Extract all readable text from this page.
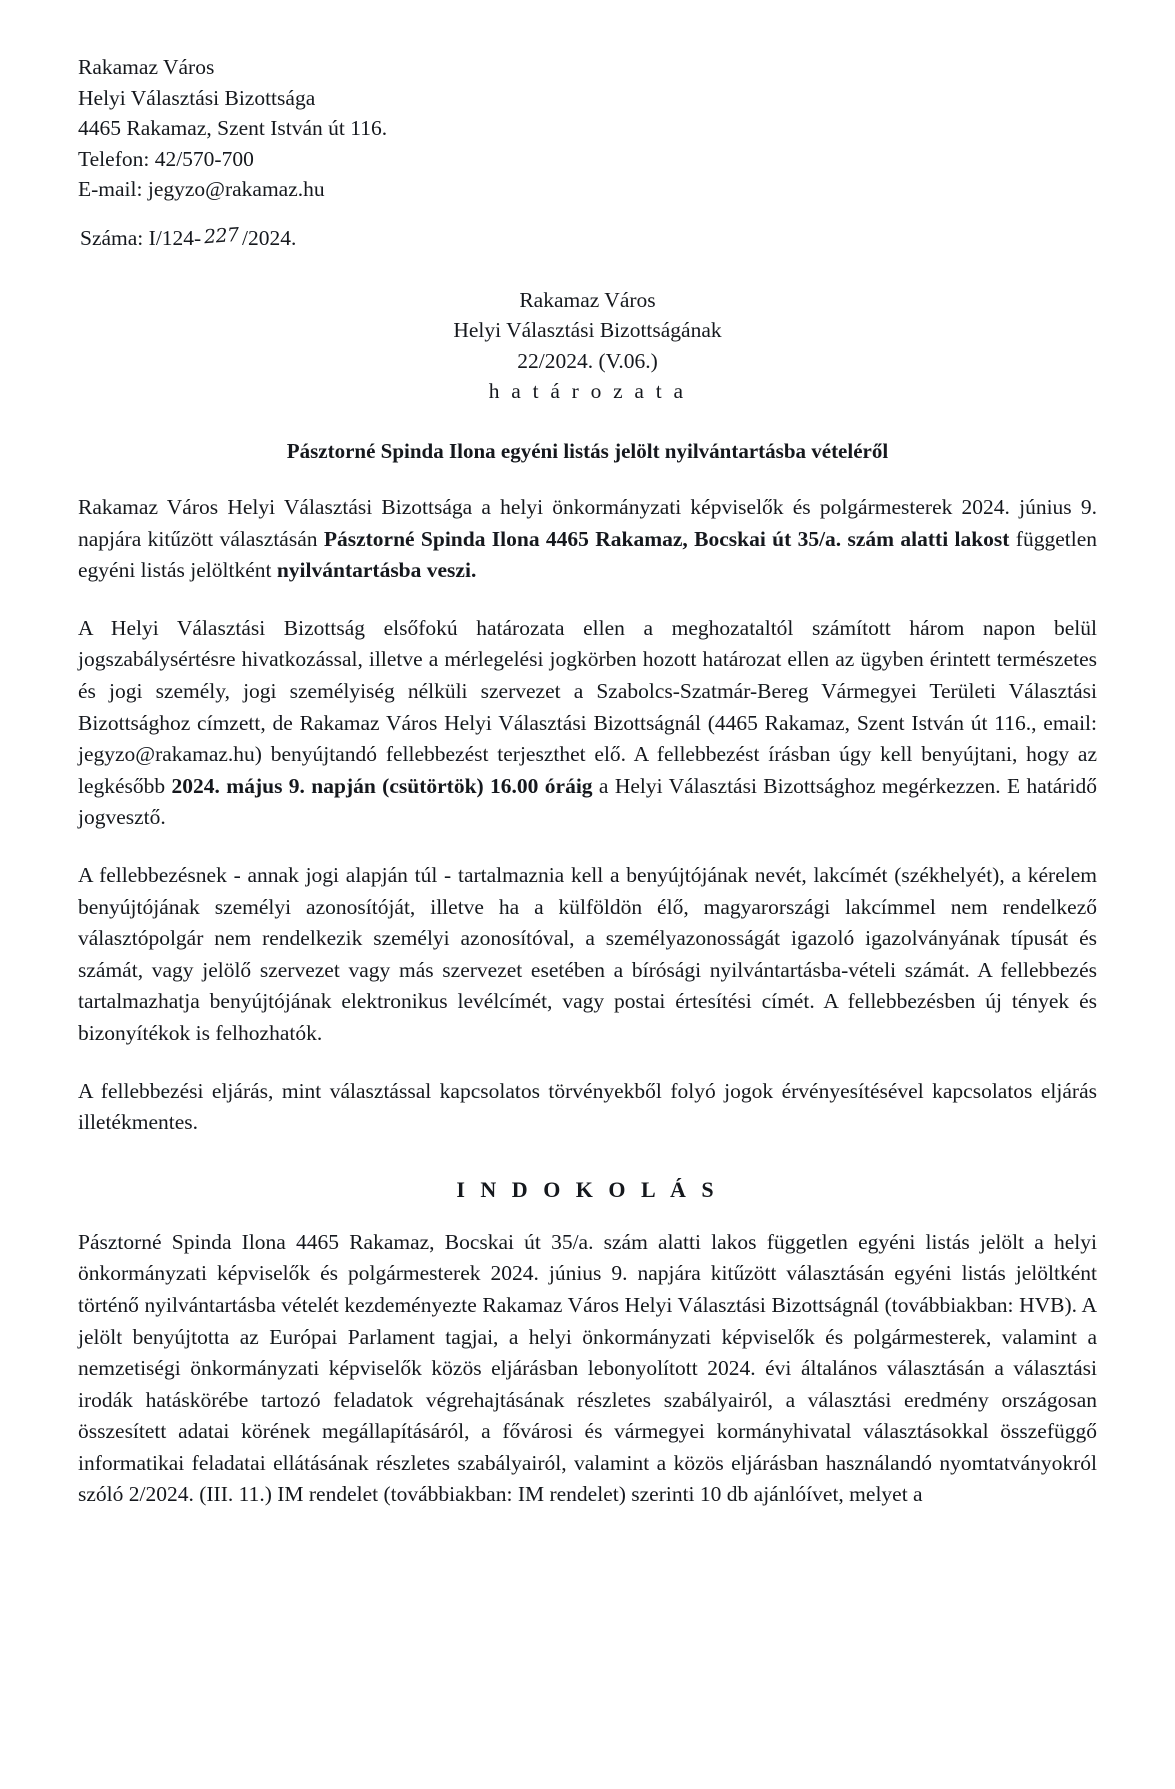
Rakamaz Város
Helyi Választási Bizottsága
4465 Rakamaz, Szent István út 116.
Telefon: 42/570-700
E-mail: jegyzo@rakamaz.hu
Száma: I/124- 227 /2024.
Rakamaz Város
Helyi Választási Bizottságának
22/2024. (V.06.)
h a t á r o z a t a
Pásztorné Spinda Ilona egyéni listás jelölt nyilvántartásba vételéről

Rakamaz Város Helyi Választási Bizottsága a helyi önkormányzati képviselők és polgármesterek 2024. június 9. napjára kitűzött választásán Pásztorné Spinda Ilona 4465 Rakamaz, Bocskai út 35/a. szám alatti lakost független egyéni listás jelöltként nyilvántartásba veszi.

A Helyi Választási Bizottság elsőfokú határozata ellen a meghozataltól számított három napon belül jogszabálysértésre hivatkozással, illetve a mérlegelési jogkörben hozott határozat ellen az ügyben érintett természetes és jogi személy, jogi személyiség nélküli szervezet a Szabolcs-Szatmár-Bereg Vármegyei Területi Választási Bizottsághoz címzett, de Rakamaz Város Helyi Választási Bizottságnál (4465 Rakamaz, Szent István út 116., email: jegyzo@rakamaz.hu) benyújtandó fellebbezést terjeszthet elő. A fellebbezést írásban úgy kell benyújtani, hogy az legkésőbb 2024. május 9. napján (csütörtök) 16.00 óráig a Helyi Választási Bizottsághoz megérkezzen. E határidő jogvesztő.

A fellebbezésnek - annak jogi alapján túl - tartalmaznia kell a benyújtójának nevét, lakcímét (székhelyét), a kérelem benyújtójának személyi azonosítóját, illetve ha a külföldön élő, magyarországi lakcímmel nem rendelkező választópolgár nem rendelkezik személyi azonosítóval, a személyazonosságát igazoló igazolványának típusát és számát, vagy jelölő szervezet vagy más szervezet esetében a bírósági nyilvántartásba-vételi számát. A fellebbezés tartalmazhatja benyújtójának elektronikus levélcímét, vagy postai értesítési címét. A fellebbezésben új tények és bizonyítékok is felhozhatók.

A fellebbezési eljárás, mint választással kapcsolatos törvényekből folyó jogok érvényesítésével kapcsolatos eljárás illetékmentes.

I N D O K O L Á S

Pásztorné Spinda Ilona 4465 Rakamaz, Bocskai út 35/a. szám alatti lakos független egyéni listás jelölt a helyi önkormányzati képviselők és polgármesterek 2024. június 9. napjára kitűzött választásán egyéni listás jelöltként történő nyilvántartásba vételét kezdeményezte Rakamaz Város Helyi Választási Bizottságnál (továbbiakban: HVB). A jelölt benyújtotta az Európai Parlament tagjai, a helyi önkormányzati képviselők és polgármesterek, valamint a nemzetiségi önkormányzati képviselők közös eljárásban lebonyolított 2024. évi általános választásán a választási irodák hatáskörébe tartozó feladatok végrehajtásának részletes szabályairól, a választási eredmény országosan összesített adatai körének megállapításáról, a fővárosi és vármegyei kormányhivatal választásokkal összefüggő informatikai feladatai ellátásának részletes szabályairól, valamint a közös eljárásban használandó nyomtatványokról szóló 2/2024. (III. 11.) IM rendelet (továbbiakban: IM rendelet) szerinti 10 db ajánlóívet, melyet a
